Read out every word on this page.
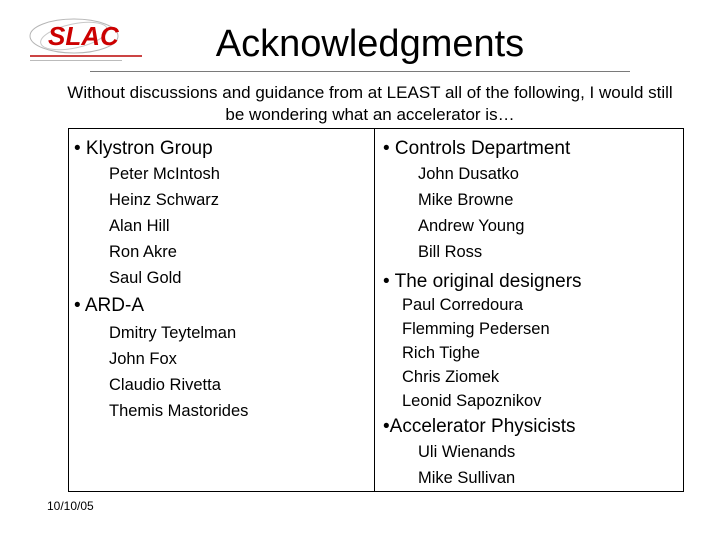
SLAC	Acknowledgments
Without discussions and guidance from at LEAST all of the following, I would still be wondering what an accelerator is…
• Klystron Group
Peter McIntosh
Heinz Schwarz
Alan Hill
Ron Akre
Saul Gold
• ARD-A
Dmitry Teytelman
John Fox
Claudio Rivetta
Themis Mastorides
• Controls Department
John Dusatko
Mike Browne
Andrew Young
Bill Ross
• The original designers
Paul Corredoura
Flemming Pedersen
Rich Tighe
Chris Ziomek
Leonid Sapoznikov
•Accelerator Physicists
Uli Wienands
Mike Sullivan
10/10/05
